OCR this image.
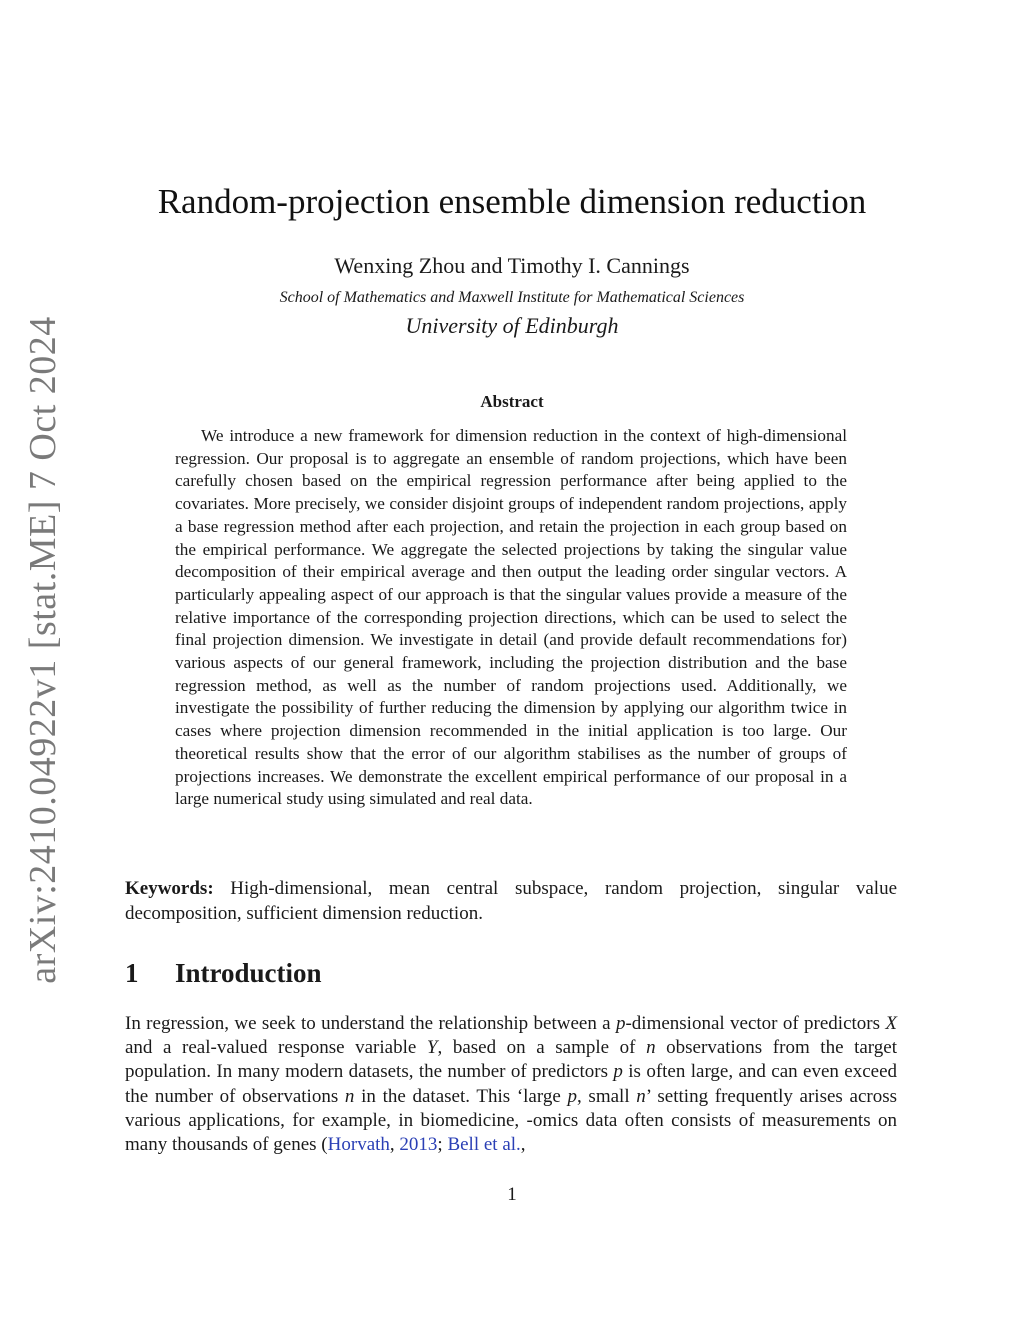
arXiv:2410.04922v1 [stat.ME] 7 Oct 2024
Random-projection ensemble dimension reduction
Wenxing Zhou and Timothy I. Cannings
School of Mathematics and Maxwell Institute for Mathematical Sciences
University of Edinburgh
Abstract
We introduce a new framework for dimension reduction in the context of high-dimensional regression. Our proposal is to aggregate an ensemble of random projections, which have been carefully chosen based on the empirical regression performance after being applied to the covariates. More precisely, we consider disjoint groups of independent random projections, apply a base regression method after each projection, and retain the projection in each group based on the empirical performance. We aggregate the selected projections by taking the singular value decomposition of their empirical average and then output the leading order singular vectors. A particularly appealing aspect of our approach is that the singular values provide a measure of the relative importance of the corresponding projection directions, which can be used to select the final projection dimension. We investigate in detail (and provide default recommendations for) various aspects of our general framework, including the projection distribution and the base regression method, as well as the number of random projections used. Additionally, we investigate the possibility of further reducing the dimension by applying our algorithm twice in cases where projection dimension recommended in the initial application is too large. Our theoretical results show that the error of our algorithm stabilises as the number of groups of projections increases. We demonstrate the excellent empirical performance of our proposal in a large numerical study using simulated and real data.
Keywords: High-dimensional, mean central subspace, random projection, singular value decomposition, sufficient dimension reduction.
1 Introduction
In regression, we seek to understand the relationship between a p-dimensional vector of predictors X and a real-valued response variable Y, based on a sample of n observations from the target population. In many modern datasets, the number of predictors p is often large, and can even exceed the number of observations n in the dataset. This ‘large p, small n’ setting frequently arises across various applications, for example, in biomedicine, -omics data often consists of measurements on many thousands of genes (Horvath, 2013; Bell et al.,
1
